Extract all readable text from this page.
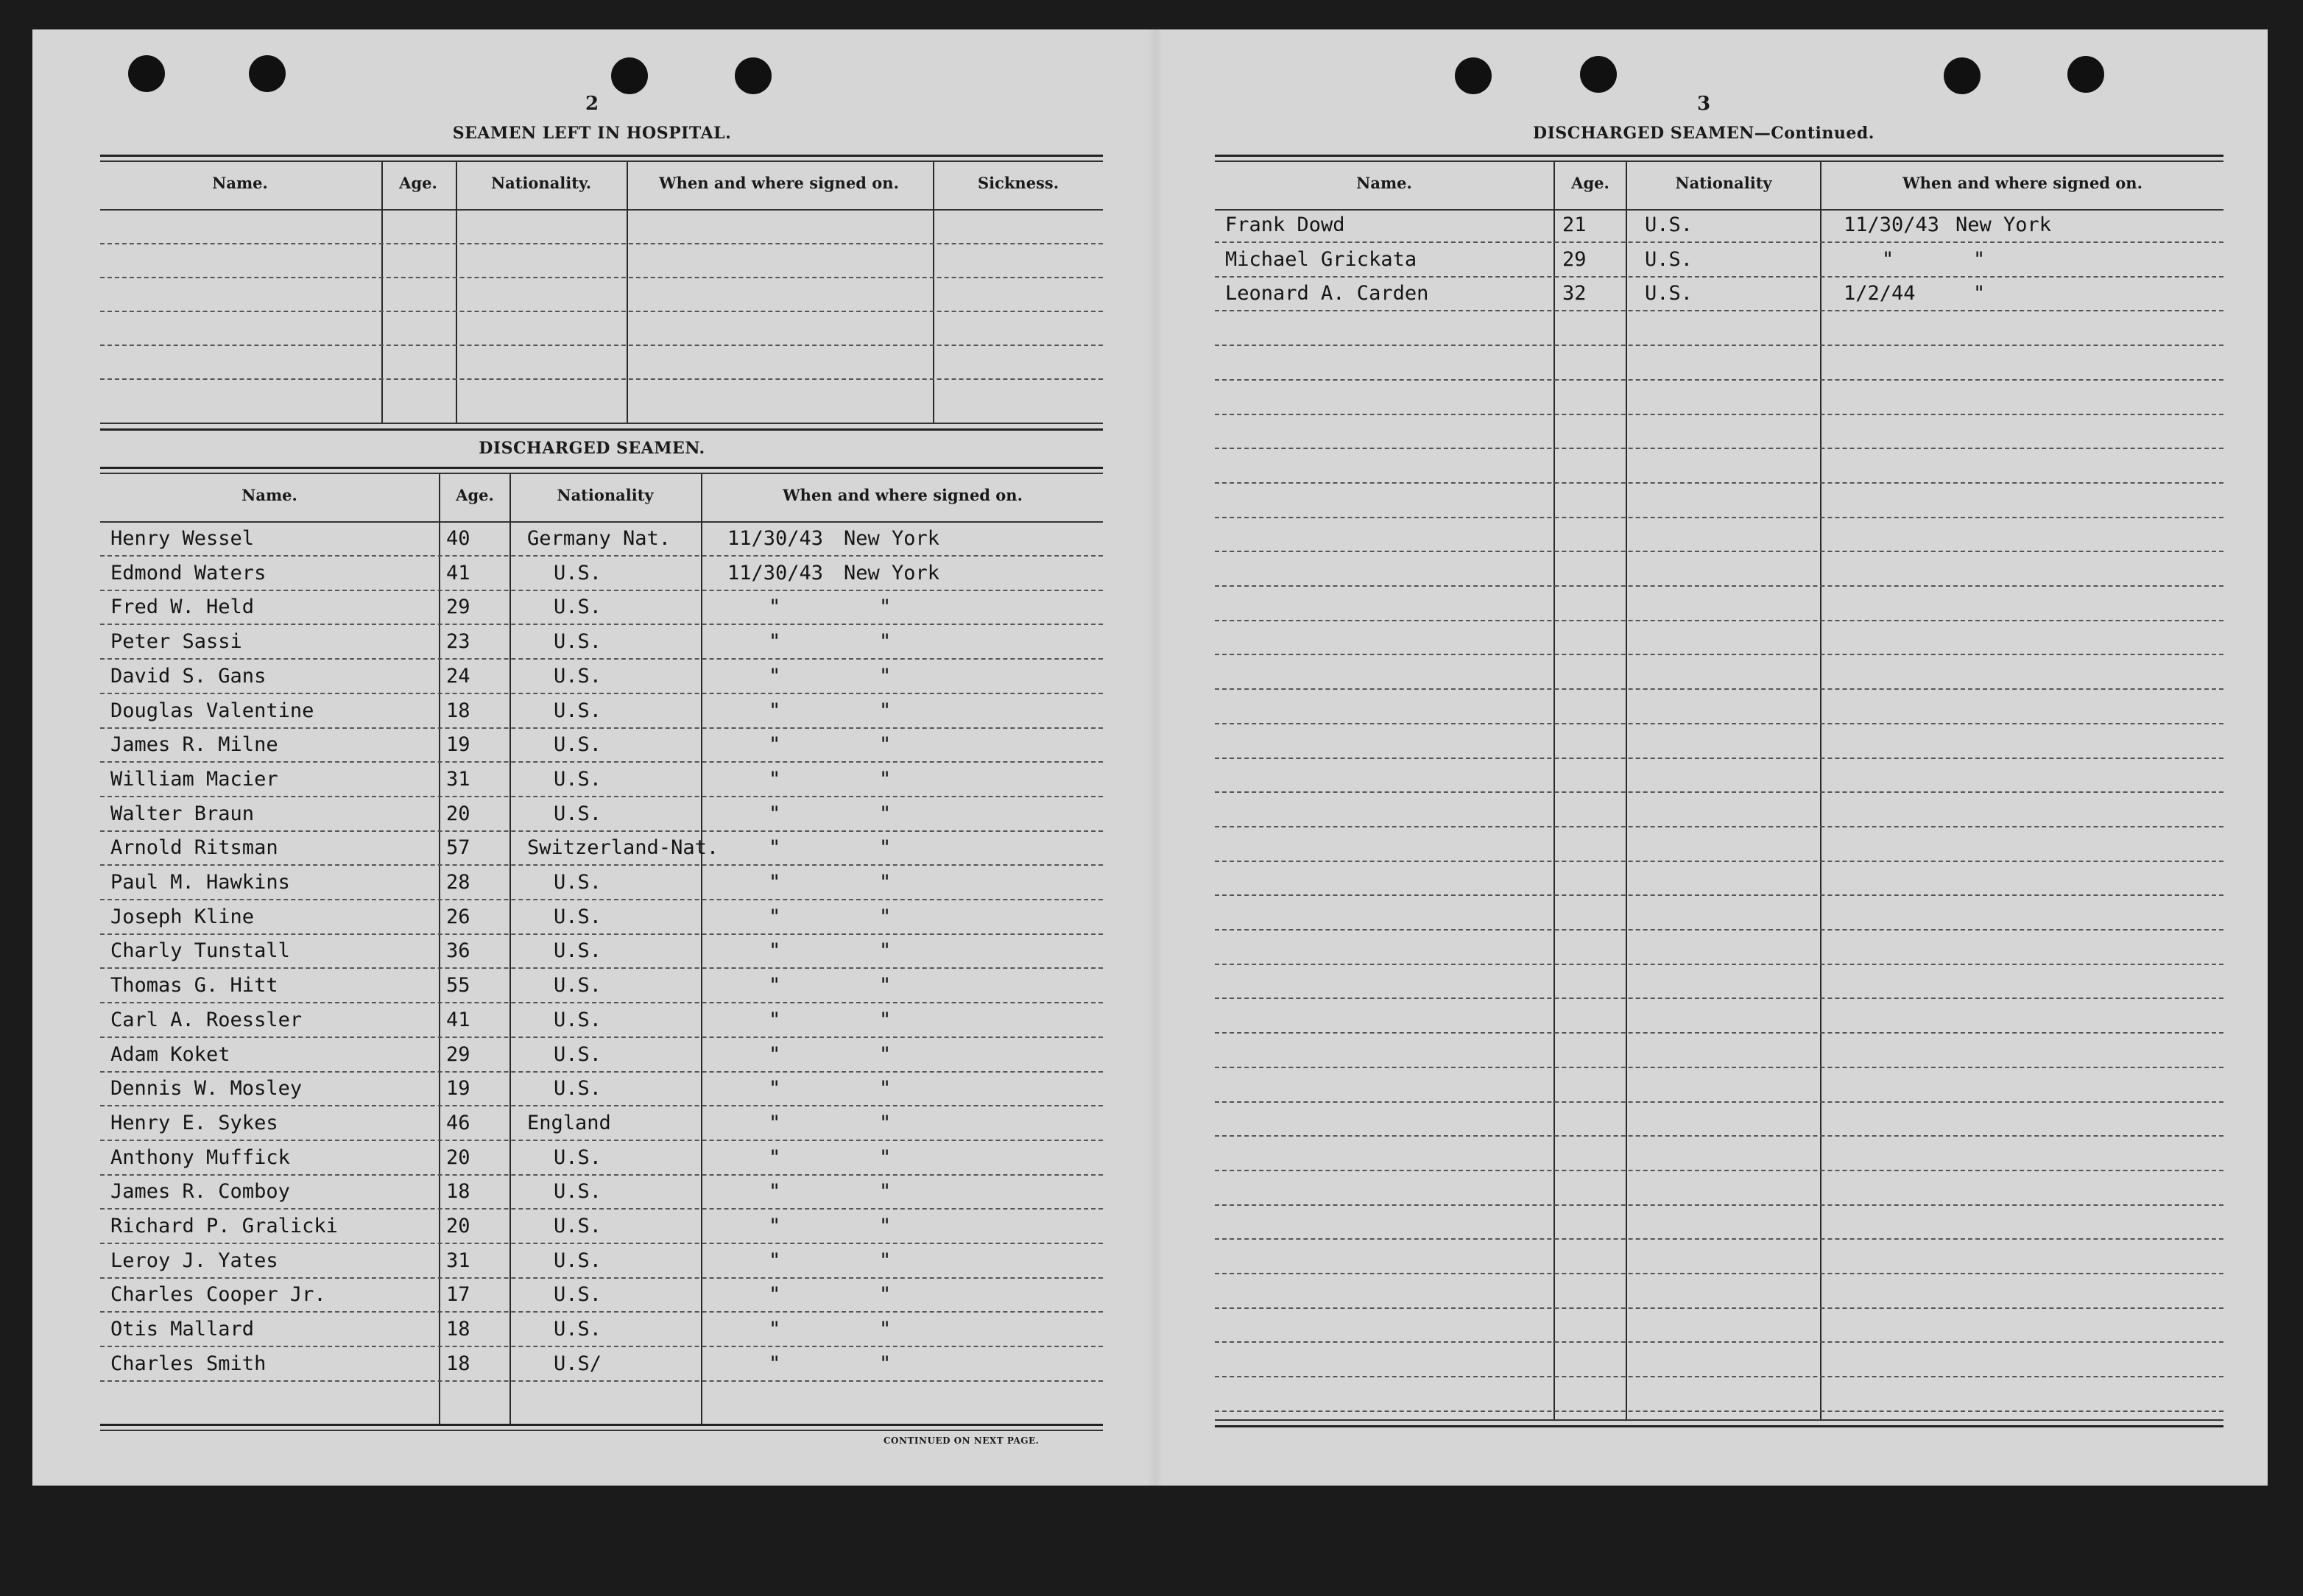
2
SEAMEN LEFT IN HOSPITAL.
Name.	Age.	Nationality.	When and where signed on.	Sickness.
DISCHARGED SEAMEN.
Name.	Age.	Nationality	When and where signed on.
Henry Wessel	40	Germany Nat.	11/30/43 New York
Edmond Waters	41	U.S.	11/30/43 New York
Fred W. Held	29	U.S.	"	"
Peter Sassi	23	U.S.	"	"
David S. Gans	24	U.S.	"	"
Douglas Valentine	18	U.S.	"	"
James R. Milne	19	U.S.	"	"
William Macier	31	U.S.	"	"
Walter Braun	20	U.S.	"	"
Arnold Ritsman	57	Switzerland-Nat.	"	"
Paul M. Hawkins	28	U.S.	"	"
Joseph Kline	26	U.S.	"	"
Charly Tunstall	36	U.S.	"	"
Thomas G. Hitt	55	U.S.	"	"
Carl A. Roessler	41	U.S.	"	"
Adam Koket	29	U.S.	"	"
Dennis W. Mosley	19	U.S.	"	"
Henry E. Sykes	46	England	"	"
Anthony Muffick	20	U.S.	"	"
James R. Comboy	18	U.S.	"	"
Richard P. Gralicki	20	U.S.	"	"
Leroy J. Yates	31	U.S.	"	"
Charles Cooper Jr.	17	U.S.	"	"
Otis Mallard	18	U.S.	"	"
Charles Smith	18	U.S/	"	"
CONTINUED ON NEXT PAGE.
3
DISCHARGED SEAMEN—Continued.
Name.	Age.	Nationality	When and where signed on.
Frank Dowd	21	U.S.	11/30/43 New York
Michael Grickata	29	U.S.	"	"
Leonard A. Carden	32	U.S.	1/2/44	"
